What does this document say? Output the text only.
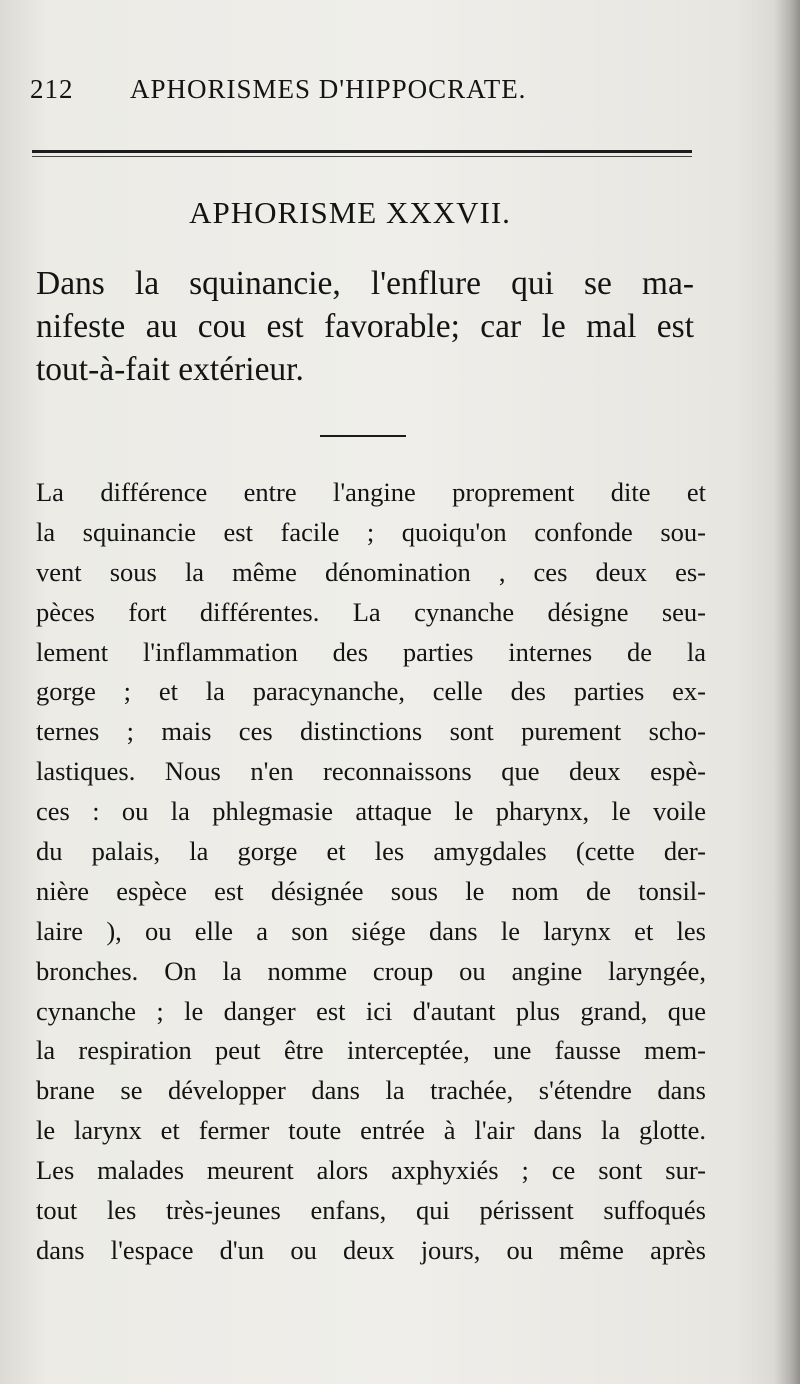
212 APHORISMES D'HIPPOCRATE.
APHORISME XXXVII.
Dans la squinancie, l'enflure qui se ma-
nifeste au cou est favorable; car le mal est
tout-à-fait extérieur.
La différence entre l'angine proprement dite et
la squinancie est facile ; quoiqu'on confonde sou-
vent sous la même dénomination , ces deux es-
pèces fort différentes. La cynanche désigne seu-
lement l'inflammation des parties internes de la
gorge ; et la paracynanche, celle des parties ex-
ternes ; mais ces distinctions sont purement scho-
lastiques. Nous n'en reconnaissons que deux espè-
ces : ou la phlegmasie attaque le pharynx, le voile
du palais, la gorge et les amygdales (cette der-
nière espèce est désignée sous le nom de tonsil-
laire ), ou elle a son siége dans le larynx et les
bronches. On la nomme croup ou angine laryngée,
cynanche ; le danger est ici d'autant plus grand, que
la respiration peut être interceptée, une fausse mem-
brane se développer dans la trachée, s'étendre dans
le larynx et fermer toute entrée à l'air dans la glotte.
Les malades meurent alors axphyxiés ; ce sont sur-
tout les très-jeunes enfans, qui périssent suffoqués
dans l'espace d'un ou deux jours, ou même après
